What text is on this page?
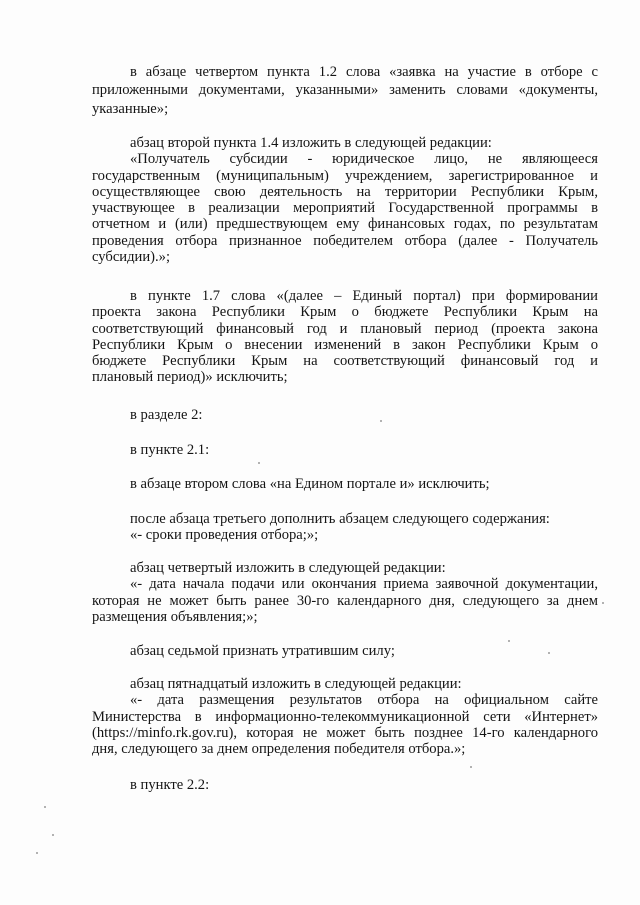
в абзаце четвертом пункта 1.2 слова «заявка на участие в отборе с
приложенными документами, указанными» заменить словами «документы,
указанные»;
абзац второй пункта 1.4 изложить в следующей редакции:
«Получатель субсидии - юридическое лицо, не являющееся
государственным (муниципальным) учреждением, зарегистрированное и
осуществляющее свою деятельность на территории Республики Крым,
участвующее в реализации мероприятий Государственной программы в
отчетном и (или) предшествующем ему финансовых годах, по результатам
проведения отбора признанное победителем отбора (далее - Получатель
субсидии).»;
в пункте 1.7 слова «(далее – Единый портал) при формировании
проекта закона Республики Крым о бюджете Республики Крым на
соответствующий финансовый год и плановый период (проекта закона
Республики Крым о внесении изменений в закон Республики Крым о
бюджете Республики Крым на соответствующий финансовый год и
плановый период)» исключить;
в разделе 2:
в пункте 2.1:
в абзаце втором слова «на Едином портале и» исключить;
после абзаца третьего дополнить абзацем следующего содержания:
«- сроки проведения отбора;»;
абзац четвертый изложить в следующей редакции:
«- дата начала подачи или окончания приема заявочной документации,
которая не может быть ранее 30-го календарного дня, следующего за днем
размещения объявления;»;
абзац седьмой признать утратившим силу;
абзац пятнадцатый изложить в следующей редакции:
«- дата размещения результатов отбора на официальном сайте
Министерства в информационно-телекоммуникационной сети «Интернет»
(https://minfo.rk.gov.ru), которая не может быть позднее 14-го календарного
дня, следующего за днем определения победителя отбора.»;
в пункте 2.2:
